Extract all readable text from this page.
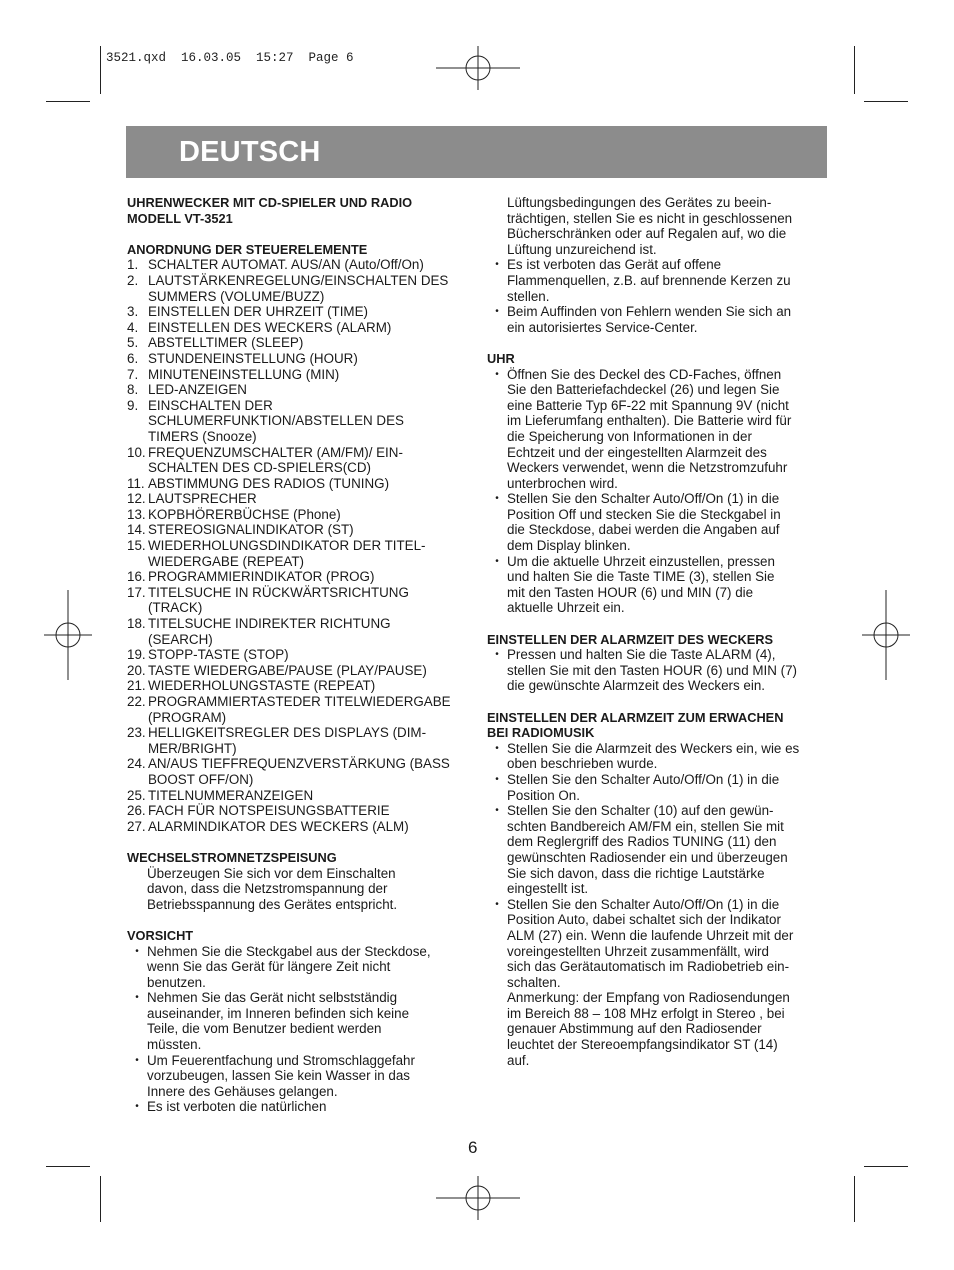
3521.qxd  16.03.05  15:27  Page 6
DEUTSCH
UHRENWECKER MIT CD-SPIELER UND RADIO
MODELL VT-3521
ANORDNUNG DER STEUERELEMENTE
1. SCHALTER AUTOMAT. AUS/AN (Auto/Off/On)
2. LAUTSTÄRKENREGELUNG/EINSCHALTEN DES
SUMMERS (VOLUME/BUZZ)
3. EINSTELLEN DER UHRZEIT (TIME)
4. EINSTELLEN DES WECKERS (ALARM)
5. ABSTELLTIMER (SLEEP)
6. STUNDENEINSTELLUNG (HOUR)
7. MINUTENEINSTELLUNG (MIN)
8. LED-ANZEIGEN
9. EINSCHALTEN DER
SCHLUMERFUNKTION/ABSTELLEN DES
TIMERS (Snooze)
10. FREQUENZUMSCHALTER (AM/FM)/ EIN-
SCHALTEN DES CD-SPIELERS(CD)
11. ABSTIMMUNG DES RADIOS (TUNING)
12. LAUTSPRECHER
13. KOPBHÖRERBÜCHSE (Phone)
14. STEREOSIGNALINDIKATOR (ST)
15. WIEDERHOLUNGSDINDIKATOR DER TITEL-
WIEDERGABE (REPEAT)
16. PROGRAMMIERINDIKATOR (PROG)
17. TITELSUCHE IN RÜCKWÄRTSRICHTUNG
(TRACK)
18. TITELSUCHE INDIREKTER RICHTUNG
(SEARCH)
19. STOPP-TASTE (STOP)
20. TASTE WIEDERGABE/PAUSE (PLAY/PAUSE)
21. WIEDERHOLUNGSTASTE (REPEAT)
22. PROGRAMMIERTASTEDER TITELWIEDERGABE
(PROGRAM)
23. HELLIGKEITSREGLER DES DISPLAYS (DIM-
MER/BRIGHT)
24. AN/AUS TIEFFREQUENZVERSTÄRKUNG (BASS
BOOST OFF/ON)
25. TITELNUMMERANZEIGEN
26. FACH FÜR NOTSPEISUNGSBATTERIE
27. ALARMINDIKATOR DES WECKERS (ALM)
WECHSELSTROMNETZSPEISUNG
Überzeugen Sie sich vor dem Einschalten
davon, dass die Netzstromspannung der
Betriebsspannung des Gerätes entspricht.
VORSICHT
• Nehmen Sie die Steckgabel aus der Steckdose,
wenn Sie das Gerät für längere Zeit nicht
benutzen.
• Nehmen Sie das Gerät nicht selbstständig
auseinander, im Inneren befinden sich keine
Teile, die vom Benutzer bedient werden
müssten.
• Um Feuerentfachung und Stromschlaggefahr
vorzubeugen, lassen Sie kein Wasser in das
Innere des Gehäuses gelangen.
• Es ist verboten die natürlichen
Lüftungsbedingungen des Gerätes zu beein-
trächtigen, stellen Sie es nicht in geschlossenen
Bücherschränken oder auf Regalen auf, wo die
Lüftung unzureichend ist.
• Es ist verboten das Gerät auf offene
Flammenquellen, z.B. auf brennende Kerzen zu
stellen.
• Beim Auffinden von Fehlern wenden Sie sich an
ein autorisiertes Service-Center.
UHR
• Öffnen Sie des Deckel des CD-Faches, öffnen
Sie den Batteriefachdeckel (26) und legen Sie
eine Batterie Typ 6F-22 mit Spannung 9V (nicht
im Lieferumfang enthalten). Die Batterie wird für
die Speicherung von Informationen in der
Echtzeit und der eingestellten Alarmzeit des
Weckers verwendet, wenn die Netzstromzufuhr
unterbrochen wird.
• Stellen Sie den Schalter Auto/Off/On (1) in die
Position Off und stecken Sie die Steckgabel in
die Steckdose, dabei werden die Angaben auf
dem Display blinken.
• Um die aktuelle Uhrzeit einzustellen, pressen
und halten Sie die Taste TIME (3), stellen Sie
mit den Tasten HOUR (6) und MIN (7) die
aktuelle Uhrzeit ein.
EINSTELLEN DER ALARMZEIT DES WECKERS
• Pressen und halten Sie die Taste ALARM (4),
stellen Sie mit den Tasten HOUR (6) und MIN (7)
die gewünschte Alarmzeit des Weckers ein.
EINSTELLEN DER ALARMZEIT ZUM ERWACHEN
BEI RADIOMUSIK
• Stellen Sie die Alarmzeit des Weckers ein, wie es
oben beschrieben wurde.
• Stellen Sie den Schalter Auto/Off/On (1) in die
Position On.
• Stellen Sie den Schalter (10) auf den gewün-
schten Bandbereich AM/FM ein, stellen Sie mit
dem Reglergriff des Radios TUNING (11) den
gewünschten Radiosender ein und überzeugen
Sie sich davon, dass die richtige Lautstärke
eingestellt ist.
• Stellen Sie den Schalter Auto/Off/On (1) in die
Position Auto, dabei schaltet sich der Indikator
ALM (27) ein. Wenn die laufende Uhrzeit mit der
voreingestellten Uhrzeit zusammenfällt, wird
sich das Gerätautomatisch im Radiobetrieb ein-
schalten.
Anmerkung: der Empfang von Radiosendungen
im Bereich 88 – 108 MHz erfolgt in Stereo , bei
genauer Abstimmung auf den Radiosender
leuchtet der Stereoempfangsindikator ST (14)
auf.
6
